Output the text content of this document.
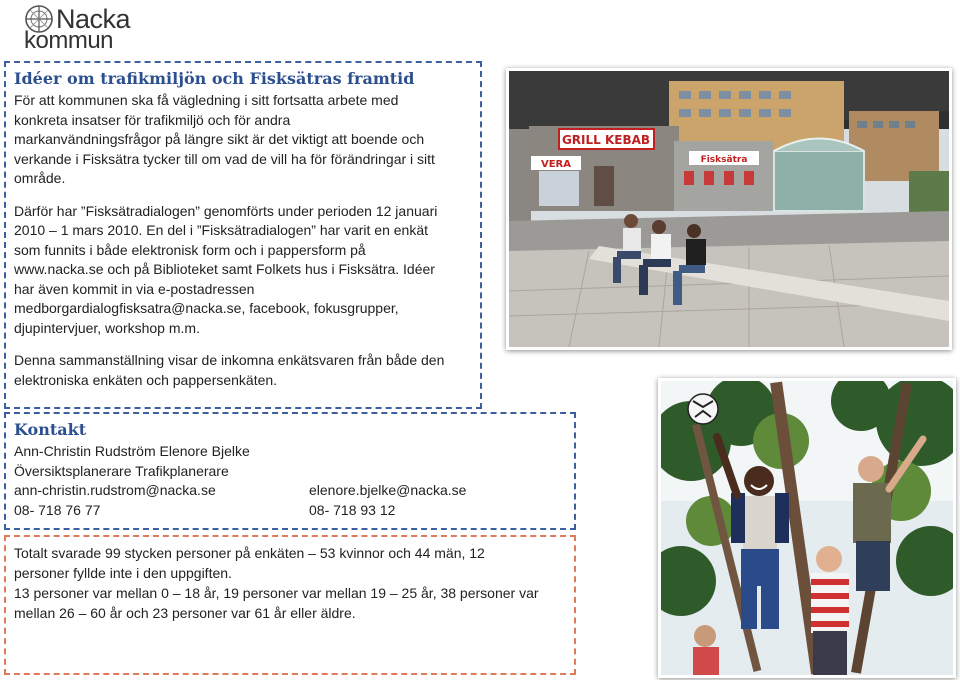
Nacka
kommun
Idéer om trafikmiljön och Fisksätras framtid

För att kommunen ska få vägledning i sitt fortsatta arbete med
konkreta insatser för trafikmiljö och för andra
markanvändningsfrågor på längre sikt är det viktigt att boende och
verkande i Fisksätra tycker till om vad de vill ha för förändringar i sitt
område.

Därför har ”Fisksätradialogen” genomförts under perioden 12 januari
2010 – 1 mars 2010. En del i ”Fisksätradialogen” har varit en enkät
som funnits i både elektronisk form och i pappersform på
www.nacka.se och på Biblioteket samt Folkets hus i Fisksätra. Idéer
har även kommit in via e-postadressen
medborgardialogfisksatra@nacka.se, facebook, fokusgrupper,
djupintervjuer, workshop m.m.

Denna sammanställning visar de inkomna enkätsvaren från både den
elektroniska enkäten och pappersenkäten.

Kontakt
Ann-Christin Rudström Elenore Bjelke
Översiktsplanerare Trafikplanerare
ann-christin.rudstrom@nacka.se	elenore.bjelke@nacka.se
08- 718 76 77	08- 718 93 12

Totalt svarade 99 stycken personer på enkäten – 53 kvinnor och 44 män, 12

personer fyllde inte i den uppgiften.

13 personer var mellan 0 – 18 år, 19 personer var mellan 19 – 25 år, 38 personer var

mellan 26 – 60 år och 23 personer var 61 år eller äldre.

GRILL KEBAB
VERA	Fisksätra
